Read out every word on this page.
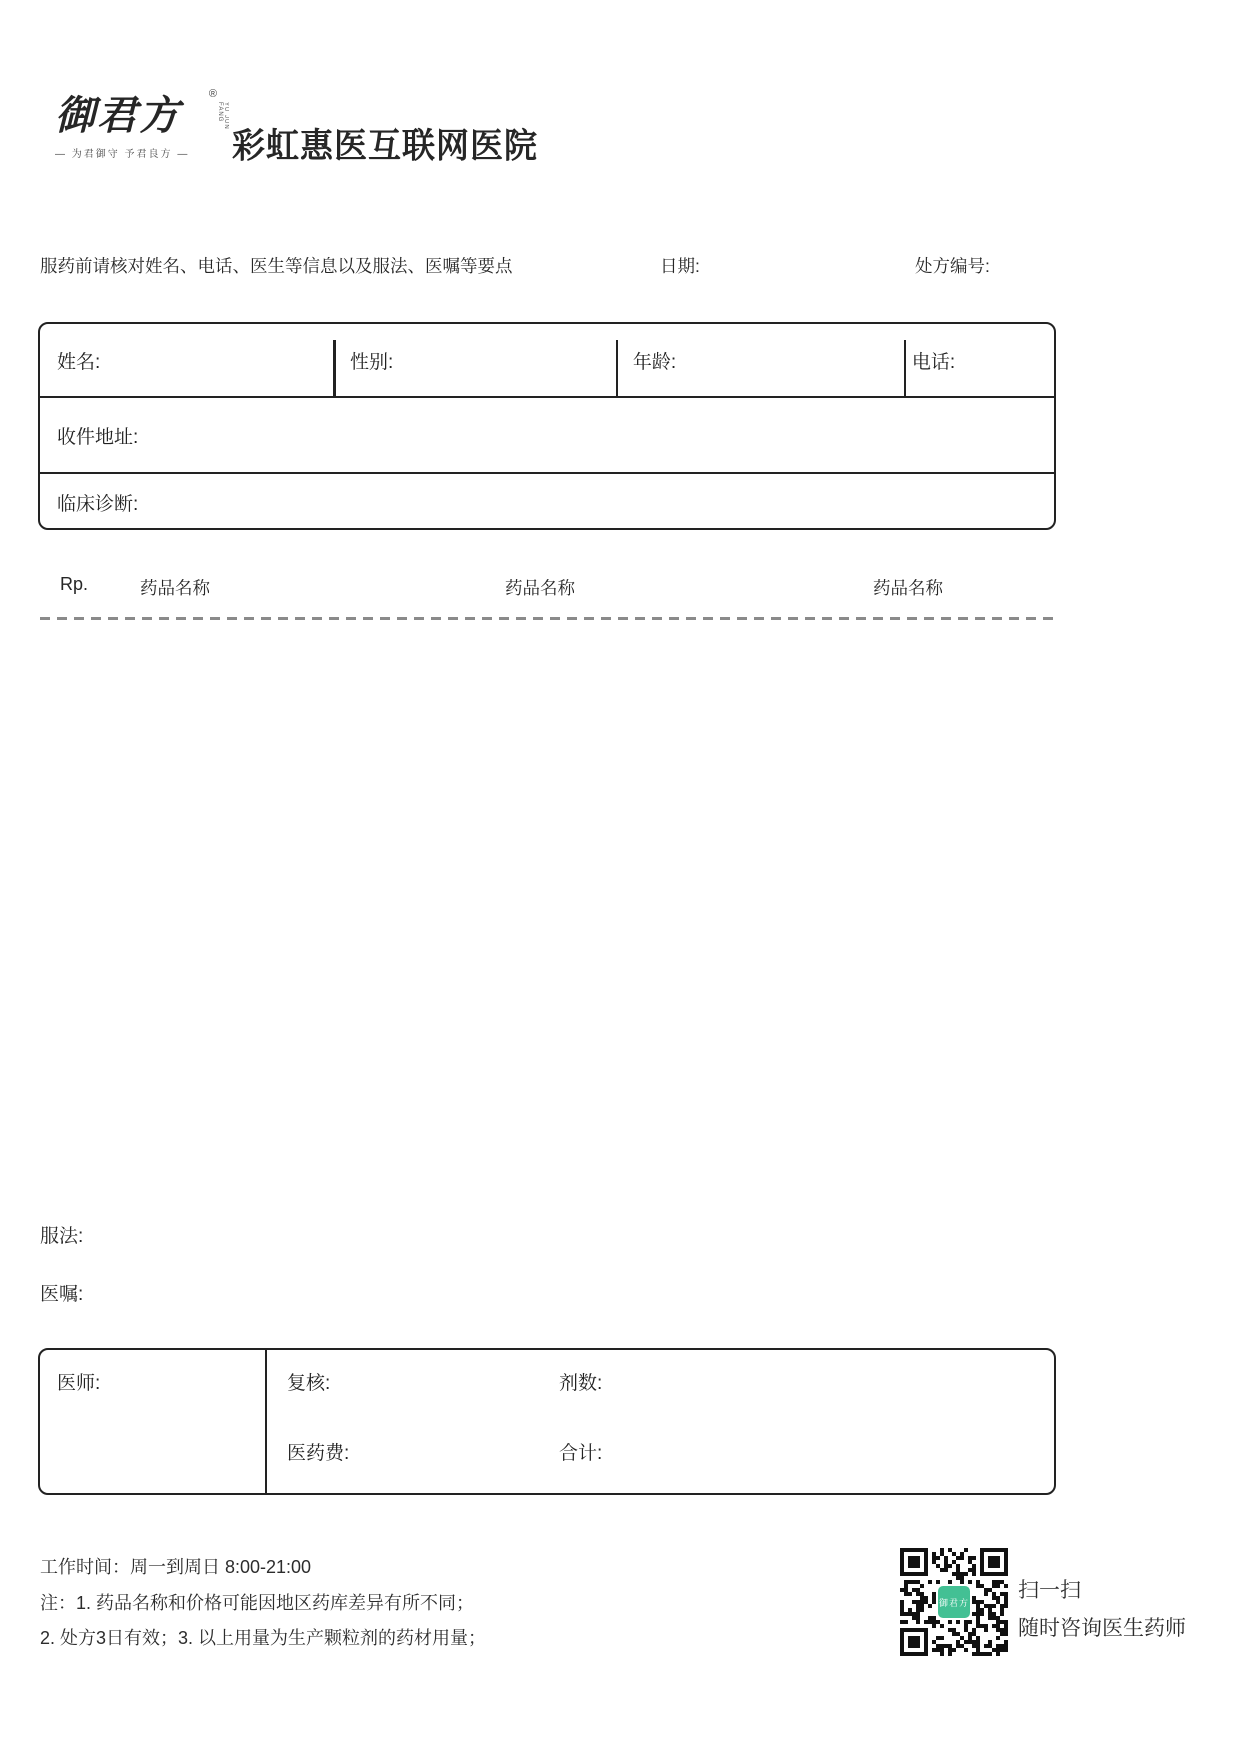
御君方	®
YU JUN FANG
— 为君御守 予君良方 —	彩虹惠医互联网医院
服药前请核对姓名、电话、医生等信息以及服法、医嘱等要点	日期:	处方编号:
姓名:	性别:	年龄:	电话:
收件地址:
临床诊断:
Rp.	药品名称	药品名称	药品名称
服法:
医嘱:
医师:	复核:	剂数:
医药费:	合计:
工作时间：周一到周日 8:00-21:00
注：1. 药品名称和价格可能因地区药库差异有所不同；
2. 处方3日有效；3. 以上用量为生产颗粒剂的药材用量；
御君方
扫一扫
随时咨询医生药师
